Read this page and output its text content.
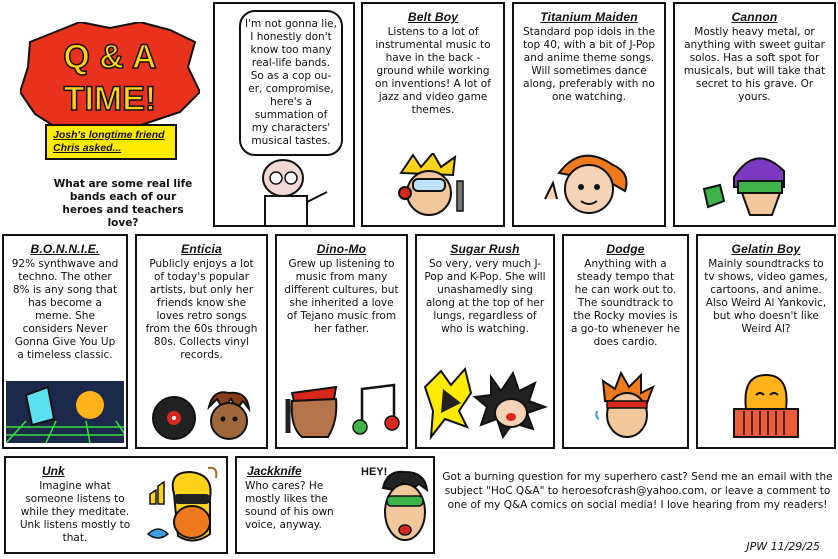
Q & A
TIME!
Josh's longtime friend
Chris asked...
What are some real life bands each of our heroes and teachers love?
I'm not gonna lie, I honestly don't know too many real-life bands. So as a cop ou- er, compromise, here's a summation of my characters' musical tastes.
Belt Boy
Listens to a lot of instrumental music to have in the back -ground while working on inventions! A lot of jazz and video game themes.
Titanium Maiden
Standard pop idols in the top 40, with a bit of J-Pop and anime theme songs. Will sometimes dance along, preferably with no one watching.
Cannon
Mostly heavy metal, or anything with sweet guitar solos. Has a soft spot for musicals, but will take that secret to his grave. Or yours.
B.O.N.N.I.E.
92% synthwave and techno. The other 8% is any song that has become a meme. She considers Never Gonna Give You Up a timeless classic.
Enticia
Publicly enjoys a lot of today's popular artists, but only her friends know she loves retro songs from the 60s through 80s. Collects vinyl records.
Dino-Mo
Grew up listening to music from many different cultures, but she inherited a love of Tejano music from her father.
Sugar Rush
So very, very much J-Pop and K-Pop. She will unashamedly sing along at the top of her lungs, regardless of who is watching.
Dodge
Anything with a steady tempo that he can work out to. The soundtrack to the Rocky movies is a go-to whenever he does cardio.
Gelatin Boy
Mainly soundtracks to tv shows, video games, cartoons, and anime. Also Weird Al Yankovic, but who doesn't like Weird Al?
Unk
Imagine what someone listens to while they meditate. Unk listens mostly to that.
Jackknife
Who cares? He mostly likes the sound of his own voice, anyway.
HEY!	Got a burning question for my superhero cast? Send me an email with the subject "HoC Q&A" to heroesofcrash@yahoo.com, or leave a comment to one of my Q&A comics on social media! I love hearing from my readers!
JPW 11/29/25
